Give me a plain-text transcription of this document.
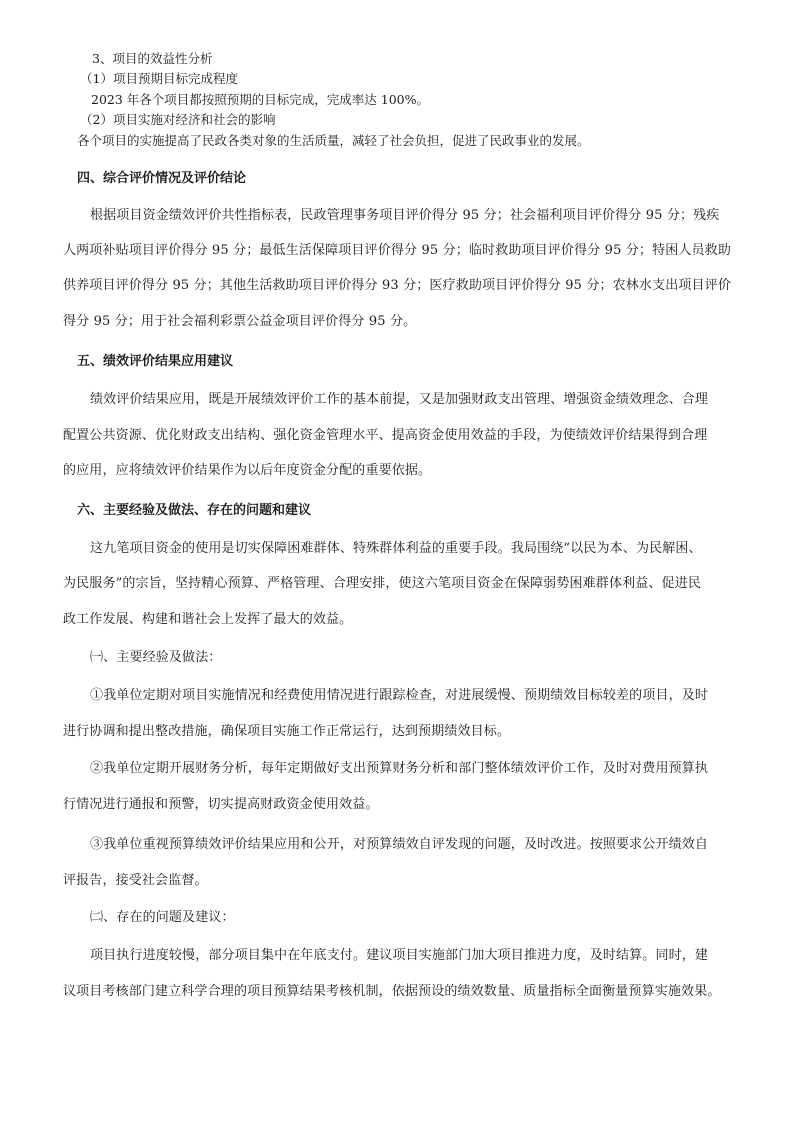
3、项目的效益性分析
（1）项目预期目标完成程度
2023 年各个项目都按照预期的目标完成，完成率达 100%。
（2）项目实施对经济和社会的影响
各个项目的实施提高了民政各类对象的生活质量，减轻了社会负担，促进了民政事业的发展。
四、综合评价情况及评价结论
根据项目资金绩效评价共性指标表，民政管理事务项目评价得分 95 分；社会福利项目评价得分 95 分；残疾
人两项补贴项目评价得分 95 分；最低生活保障项目评价得分 95 分；临时救助项目评价得分 95 分；特困人员救助
供养项目评价得分 95 分；其他生活救助项目评价得分 93 分；医疗救助项目评价得分 95 分；农林水支出项目评价
得分 95 分；用于社会福利彩票公益金项目评价得分 95 分。
五、绩效评价结果应用建议
绩效评价结果应用，既是开展绩效评价工作的基本前提，又是加强财政支出管理、增强资金绩效理念、合理
配置公共资源、优化财政支出结构、强化资金管理水平、提高资金使用效益的手段，为使绩效评价结果得到合理
的应用，应将绩效评价结果作为以后年度资金分配的重要依据。
六、主要经验及做法、存在的问题和建议
这九笔项目资金的使用是切实保障困难群体、特殊群体利益的重要手段。我局围绕“以民为本、为民解困、
为民服务”的宗旨，坚持精心预算、严格管理、合理安排，使这六笔项目资金在保障弱势困难群体利益、促进民
政工作发展、构建和谐社会上发挥了最大的效益。
㈠、主要经验及做法：
①我单位定期对项目实施情况和经费使用情况进行跟踪检查，对进展缓慢、预期绩效目标较差的项目，及时
进行协调和提出整改措施，确保项目实施工作正常运行，达到预期绩效目标。
②我单位定期开展财务分析，每年定期做好支出预算财务分析和部门整体绩效评价工作，及时对费用预算执
行情况进行通报和预警，切实提高财政资金使用效益。
③我单位重视预算绩效评价结果应用和公开，对预算绩效自评发现的问题，及时改进。按照要求公开绩效自
评报告，接受社会监督。
㈡、存在的问题及建议：
项目执行进度较慢，部分项目集中在年底支付。建议项目实施部门加大项目推进力度，及时结算。同时，建
议项目考核部门建立科学合理的项目预算结果考核机制，依据预设的绩效数量、质量指标全面衡量预算实施效果。
